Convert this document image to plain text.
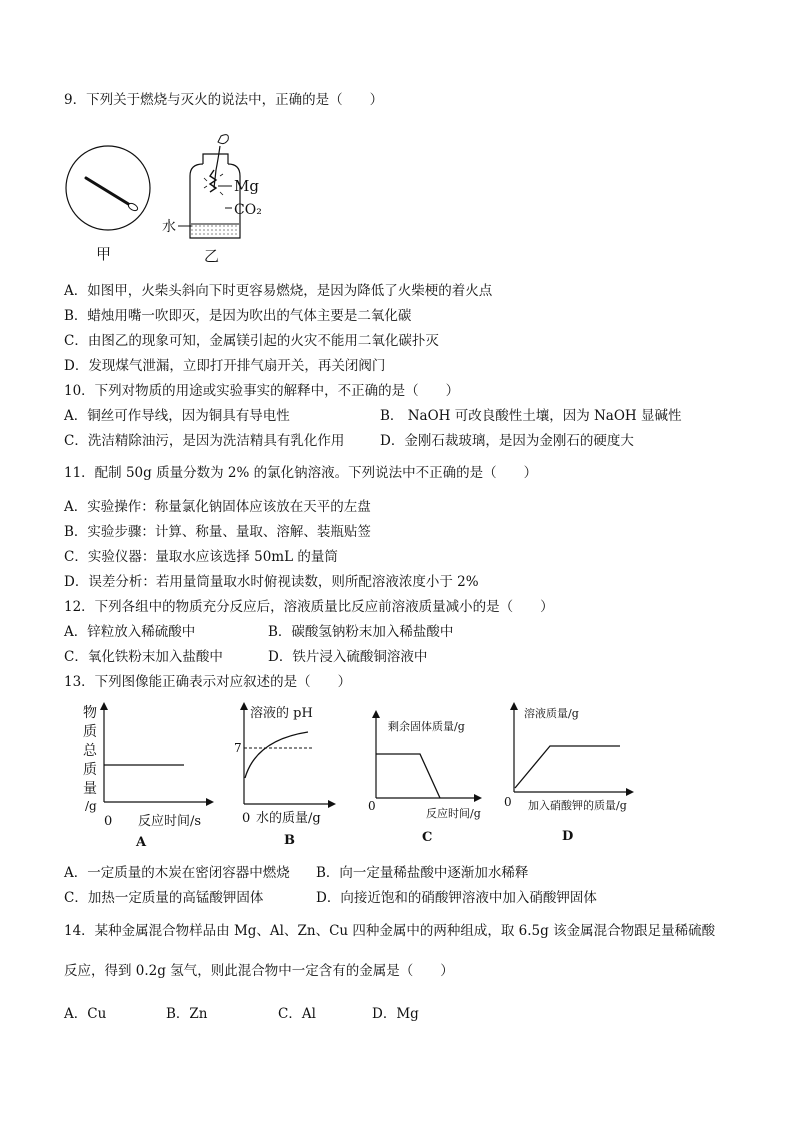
9．下列关于燃烧与灭火的说法中，正确的是（　　）
甲
Mg
CO₂
水
乙
A．如图甲，火柴头斜向下时更容易燃烧，是因为降低了火柴梗的着火点
B．蜡烛用嘴一吹即灭，是因为吹出的气体主要是二氧化碳
C．由图乙的现象可知，金属镁引起的火灾不能用二氧化碳扑灭
D．发现煤气泄漏，立即打开排气扇开关，再关闭阀门
10．下列对物质的用途或实验事实的解释中，不正确的是（　　）
A．铜丝可作导线，因为铜具有导电性	B． NaOH 可改良酸性土壤，因为 NaOH 显碱性
C．洗洁精除油污，是因为洗洁精具有乳化作用	D．金刚石裁玻璃，是因为金刚石的硬度大
11．配制 50g 质量分数为 2% 的氯化钠溶液。下列说法中不正确的是（　　）
A．实验操作：称量氯化钠固体应该放在天平的左盘
B．实验步骤：计算、称量、量取、溶解、装瓶贴签
C．实验仪器：量取水应该选择 50mL 的量筒
D．误差分析：若用量筒量取水时俯视读数，则所配溶液浓度小于 2%
12．下列各组中的物质充分反应后，溶液质量比反应前溶液质量减小的是（　　）
A．锌粒放入稀硫酸中	B．碳酸氢钠粉末加入稀盐酸中
C．氧化铁粉末加入盐酸中	D．铁片浸入硫酸铜溶液中
13．下列图像能正确表示对应叙述的是（　　）
物
质
总
质
量
/g
0 反应时间/s
A
溶液的 pH
7
0 水的质量/g
B
剩余固体质量/g
0
反应时间/g
C
溶液质量/g
0 加入硝酸钾的质量/g
D
A．一定质量的木炭在密闭容器中燃烧 B．向一定量稀盐酸中逐渐加水稀释
C．加热一定质量的高锰酸钾固体	D．向接近饱和的硝酸钾溶液中加入硝酸钾固体
14．某种金属混合物样品由 Mg、Al、Zn、Cu 四种金属中的两种组成，取 6.5g 该金属混合物跟足量稀硫酸
反应，得到 0.2g 氢气，则此混合物中一定含有的金属是（　　）
A．Cu	B．Zn	C．Al	D．Mg
